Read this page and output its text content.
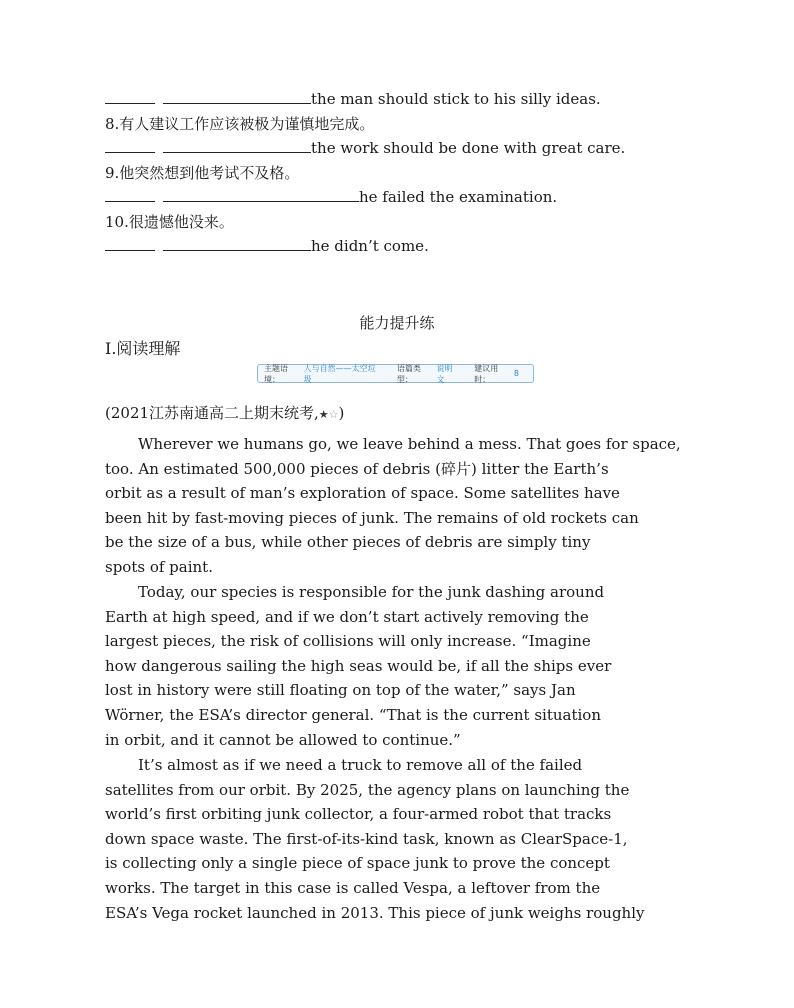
the man should stick to his silly ideas.
8.有人建议工作应该被极为谨慎地完成。
the work should be done with great care.
9.他突然想到他考试不及格。
he failed the examination.
10.很遗憾他没来。
he didn’t come.
能力提升练
Ⅰ.阅读理解
主题语境：
人与自然——太空垃圾
语篇类型：
说明文
建议用时：
8
(2021江苏南通高二上期末统考,★☆)
Wherever we humans go, we leave behind a mess. That goes for space,
too. An estimated 500,000 pieces of debris (碎片) litter the Earth’s
orbit as a result of man’s exploration of space. Some satellites have
been hit by fast-moving pieces of junk. The remains of old rockets can
be the size of a bus, while other pieces of debris are simply tiny
spots of paint.
Today, our species is responsible for the junk dashing around
Earth at high speed, and if we don’t start actively removing the
largest pieces, the risk of collisions will only increase. “Imagine
how dangerous sailing the high seas would be, if all the ships ever
lost in history were still floating on top of the water,” says Jan
Wörner, the ESA’s director general. “That is the current situation
in orbit, and it cannot be allowed to continue.”
It’s almost as if we need a truck to remove all of the failed
satellites from our orbit. By 2025, the agency plans on launching the
world’s first orbiting junk collector, a four-armed robot that tracks
down space waste. The first-of-its-kind task, known as ClearSpace-1,
is collecting only a single piece of space junk to prove the concept
works. The target in this case is called Vespa, a leftover from the
ESA’s Vega rocket launched in 2013. This piece of junk weighs roughly
